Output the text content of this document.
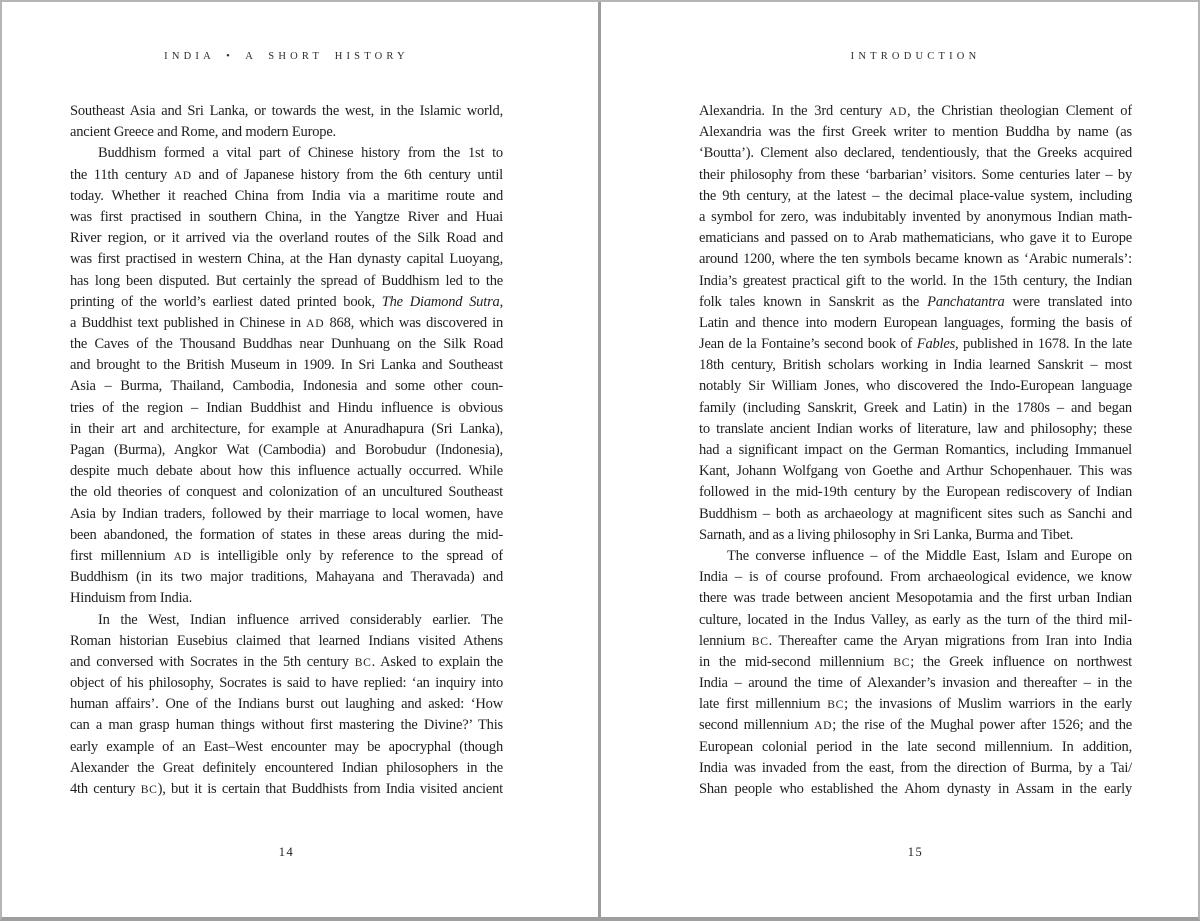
INDIA • A SHORT HISTORY
Southeast Asia and Sri Lanka, or towards the west, in the Islamic world,
ancient Greece and Rome, and modern Europe.
Buddhism formed a vital part of Chinese history from the 1st to
the 11th century AD and of Japanese history from the 6th century until
today. Whether it reached China from India via a maritime route and
was first practised in southern China, in the Yangtze River and Huai
River region, or it arrived via the overland routes of the Silk Road and
was first practised in western China, at the Han dynasty capital Luoyang,
has long been disputed. But certainly the spread of Buddhism led to the
printing of the world’s earliest dated printed book, The Diamond Sutra,
a Buddhist text published in Chinese in AD 868, which was discovered in
the Caves of the Thousand Buddhas near Dunhuang on the Silk Road
and brought to the British Museum in 1909. In Sri Lanka and Southeast
Asia – Burma, Thailand, Cambodia, Indonesia and some other coun-
tries of the region – Indian Buddhist and Hindu influence is obvious
in their art and architecture, for example at Anuradhapura (Sri Lanka),
Pagan (Burma), Angkor Wat (Cambodia) and Borobudur (Indonesia),
despite much debate about how this influence actually occurred. While
the old theories of conquest and colonization of an uncultured Southeast
Asia by Indian traders, followed by their marriage to local women, have
been abandoned, the formation of states in these areas during the mid-
first millennium AD is intelligible only by reference to the spread of
Buddhism (in its two major traditions, Mahayana and Theravada) and
Hinduism from India.
In the West, Indian influence arrived considerably earlier. The
Roman historian Eusebius claimed that learned Indians visited Athens
and conversed with Socrates in the 5th century BC. Asked to explain the
object of his philosophy, Socrates is said to have replied: ‘an inquiry into
human affairs’. One of the Indians burst out laughing and asked: ‘How
can a man grasp human things without first mastering the Divine?’ This
early example of an East–West encounter may be apocryphal (though
Alexander the Great definitely encountered Indian philosophers in the
4th century BC), but it is certain that Buddhists from India visited ancient
14
INTRODUCTION
Alexandria. In the 3rd century AD, the Christian theologian Clement of
Alexandria was the first Greek writer to mention Buddha by name (as
‘Boutta’). Clement also declared, tendentiously, that the Greeks acquired
their philosophy from these ‘barbarian’ visitors. Some centuries later – by
the 9th century, at the latest – the decimal place-value system, including
a symbol for zero, was indubitably invented by anonymous Indian math-
ematicians and passed on to Arab mathematicians, who gave it to Europe
around 1200, where the ten symbols became known as ‘Arabic numerals’:
India’s greatest practical gift to the world. In the 15th century, the Indian
folk tales known in Sanskrit as the Panchatantra were translated into
Latin and thence into modern European languages, forming the basis of
Jean de la Fontaine’s second book of Fables, published in 1678. In the late
18th century, British scholars working in India learned Sanskrit – most
notably Sir William Jones, who discovered the Indo-European language
family (including Sanskrit, Greek and Latin) in the 1780s – and began
to translate ancient Indian works of literature, law and philosophy; these
had a significant impact on the German Romantics, including Immanuel
Kant, Johann Wolfgang von Goethe and Arthur Schopenhauer. This was
followed in the mid-19th century by the European rediscovery of Indian
Buddhism – both as archaeology at magnificent sites such as Sanchi and
Sarnath, and as a living philosophy in Sri Lanka, Burma and Tibet.
The converse influence – of the Middle East, Islam and Europe on
India – is of course profound. From archaeological evidence, we know
there was trade between ancient Mesopotamia and the first urban Indian
culture, located in the Indus Valley, as early as the turn of the third mil-
lennium BC. Thereafter came the Aryan migrations from Iran into India
in the mid-second millennium BC; the Greek influence on northwest
India – around the time of Alexander’s invasion and thereafter – in the
late first millennium BC; the invasions of Muslim warriors in the early
second millennium AD; the rise of the Mughal power after 1526; and the
European colonial period in the late second millennium. In addition,
India was invaded from the east, from the direction of Burma, by a Tai/
Shan people who established the Ahom dynasty in Assam in the early
15
